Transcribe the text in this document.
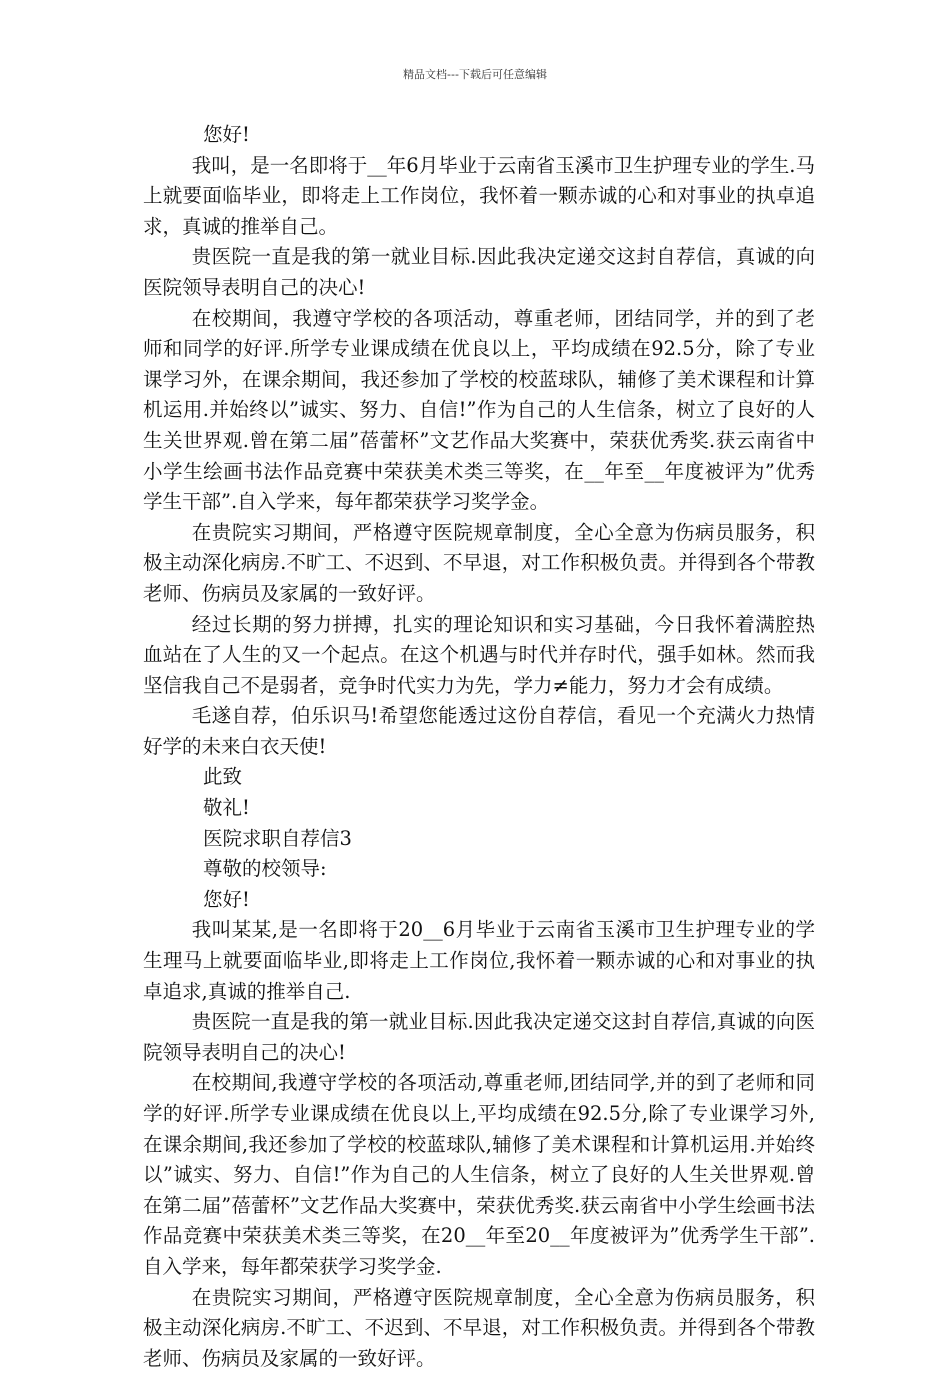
精品文档---下载后可任意编辑

您好!

我叫，是一名即将于__年6月毕业于云南省玉溪市卫生护理专业的学生.马上就要面临毕业，即将走上工作岗位，我怀着一颗赤诚的心和对事业的执卓追求，真诚的推举自己。

贵医院一直是我的第一就业目标.因此我决定递交这封自荐信，真诚的向医院领导表明自己的决心!

在校期间，我遵守学校的各项活动，尊重老师，团结同学，并的到了老师和同学的好评.所学专业课成绩在优良以上，平均成绩在92.5分，除了专业课学习外，在课余期间，我还参加了学校的校蓝球队，辅修了美术课程和计算机运用.并始终以”诚实、努力、自信!”作为自己的人生信条，树立了良好的人生关世界观.曾在第二届”蓓蕾杯”文艺作品大奖赛中，荣获优秀奖.获云南省中小学生绘画书法作品竞赛中荣获美术类三等奖，在__年至__年度被评为”优秀学生干部”.自入学来，每年都荣获学习奖学金。

在贵院实习期间，严格遵守医院规章制度，全心全意为伤病员服务，积极主动深化病房.不旷工、不迟到、不早退，对工作积极负责。并得到各个带教老师、伤病员及家属的一致好评。

经过长期的努力拼搏，扎实的理论知识和实习基础，今日我怀着满腔热血站在了人生的又一个起点。在这个机遇与时代并存时代，强手如林。然而我坚信我自己不是弱者，竞争时代实力为先，学力≠能力，努力才会有成绩。

毛遂自荐，伯乐识马!希望您能透过这份自荐信，看见一个充满火力热情好学的未来白衣天使!

此致

敬礼!

医院求职自荐信3

尊敬的校领导:

您好!

我叫某某,是一名即将于20__6月毕业于云南省玉溪市卫生护理专业的学生理马上就要面临毕业,即将走上工作岗位,我怀着一颗赤诚的心和对事业的执卓追求,真诚的推举自己.

贵医院一直是我的第一就业目标.因此我决定递交这封自荐信,真诚的向医院领导表明自己的决心!

在校期间,我遵守学校的各项活动,尊重老师,团结同学,并的到了老师和同学的好评.所学专业课成绩在优良以上,平均成绩在92.5分,除了专业课学习外,在课余期间,我还参加了学校的校蓝球队,辅修了美术课程和计算机运用.并始终以”诚实、努力、自信!”作为自己的人生信条，树立了良好的人生关世界观.曾在第二届”蓓蕾杯”文艺作品大奖赛中，荣获优秀奖.获云南省中小学生绘画书法作品竞赛中荣获美术类三等奖，在20__年至20__年度被评为”优秀学生干部”.自入学来，每年都荣获学习奖学金.

在贵院实习期间，严格遵守医院规章制度，全心全意为伤病员服务，积极主动深化病房.不旷工、不迟到、不早退，对工作积极负责。并得到各个带教老师、伤病员及家属的一致好评。
